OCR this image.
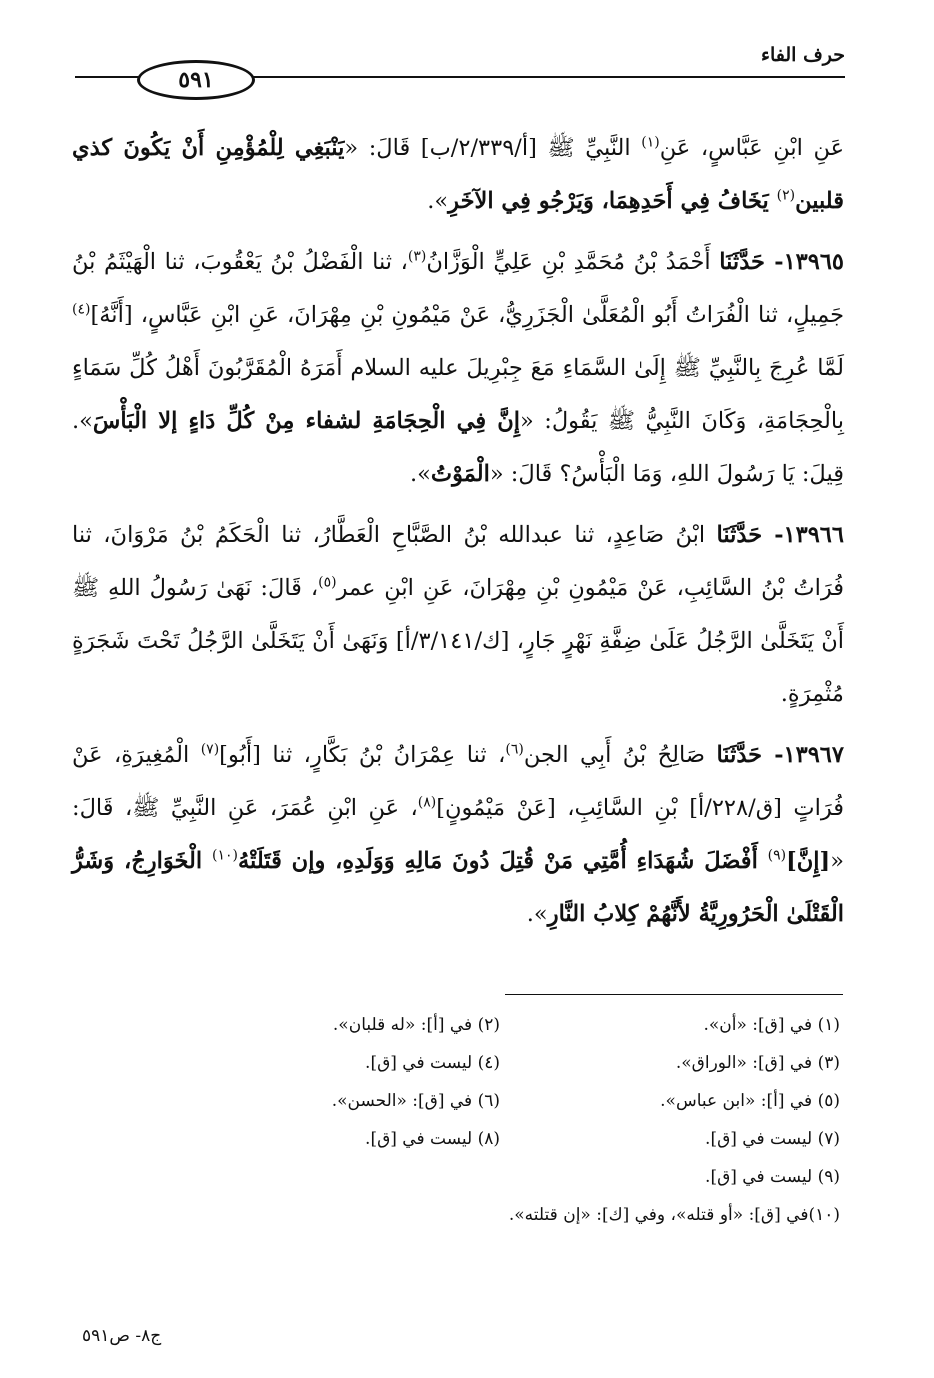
حرف الفاء
٥٩١

عَنِ ابْنِ عَبَّاسٍ، عَنِ$^{(١)}$ النَّبِيِّ ﷺ [أ/٢/٣٣٩/ب] قَالَ: «يَنْبَغِي لِلْمُؤْمِنِ أَنْ يَكُونَ كذي قلبين$^{(٢)}$ يَخَافُ فِي أَحَدِهِمَا، وَيَرْجُو فِي الآخَرِ».

١٣٩٦٥- حَدَّثَنَا أَحْمَدُ بْنُ مُحَمَّدِ بْنِ عَلِيٍّ الْوَزَّانُ$^{(٣)}$، ثنا الْفَضْلُ بْنُ يَعْقُوبَ، ثنا الْهَيْثَمُ بْنُ جَمِيلٍ، ثنا الْفُرَاتُ أَبُو الْمُعَلَّىٰ الْجَزَرِيُّ، عَنْ مَيْمُونِ بْنِ مِهْرَانَ، عَنِ ابْنِ عَبَّاسٍ، [أَنَّهُ]$^{(٤)}$ لَمَّا عُرِجَ بِالنَّبِيِّ ﷺ إِلَىٰ السَّمَاءِ مَعَ جِبْرِيلَ عليه السلام أَمَرَهُ الْمُقَرَّبُونَ أَهْلُ كُلِّ سَمَاءٍ بِالْحِجَامَةِ، وَكَانَ النَّبِيُّ ﷺ يَقُولُ: «إِنَّ فِي الْحِجَامَةِ لشفاء مِنْ كُلِّ دَاءٍ إلا الْبَأْسَ». قِيلَ: يَا رَسُولَ اللهِ، وَمَا الْبَأْسُ؟ قَالَ: «الْمَوْتُ».

١٣٩٦٦- حَدَّثَنَا ابْنُ صَاعِدٍ، ثنا عبدالله بْنُ الصَّبَّاحِ الْعَطَّارُ، ثنا الْحَكَمُ بْنُ مَرْوَانَ، ثنا فُرَاتُ بْنُ السَّائِبِ، عَنْ مَيْمُونِ بْنِ مِهْرَانَ، عَنِ ابْنِ عمر$^{(٥)}$، قَالَ: نَهَىٰ رَسُولُ اللهِ ﷺ أَنْ يَتَخَلَّىٰ الرَّجُلُ عَلَىٰ ضِفَّةِ نَهْرٍ جَارٍ، [ك/٣/١٤١/أ] وَنَهَىٰ أَنْ يَتَخَلَّىٰ الرَّجُلُ تَحْتَ شَجَرَةٍ مُثْمِرَةٍ.

١٣٩٦٧- حَدَّثَنَا صَالِحُ بْنُ أَبِي الجن$^{(٦)}$، ثنا عِمْرَانُ بْنُ بَكَّارٍ، ثنا [أَبُو]$^{(٧)}$ الْمُغِيرَةِ، عَنْ فُرَاتٍ [ق/٢٢٨/أ] بْنِ السَّائِبِ، [عَنْ مَيْمُونٍ]$^{(٨)}$، عَنِ ابْنِ عُمَرَ، عَنِ النَّبِيِّ ﷺ، قَالَ: «[إِنَّ]$^{(٩)}$ أَفْضَلَ شُهَدَاءِ أُمَّتِي مَنْ قُتِلَ دُونَ مَالِهِ وَوَلَدِهِ، وإن قَتَلَتْهُ$^{(١٠)}$ الْخَوَارِجُ، وَشَرُّ الْقَتْلَىٰ الْحَرُورِيَّةُ لأَنَّهُمْ كِلابُ النَّارِ».

(١) في [ق]: «أن».
(٢) في [أ]: «له قلبان».
(٣) في [ق]: «الوراق».
(٤) ليست في [ق].
(٥) في [أ]: «ابن عباس».
(٦) في [ق]: «الحسن».
(٧) ليست في [ق].
(٨) ليست في [ق].
(٩) ليست في [ق].
(١٠)في [ق]: «أو قتله»، وفي [ك]: «إن قتلته».
ج٨- ص٥٩١
